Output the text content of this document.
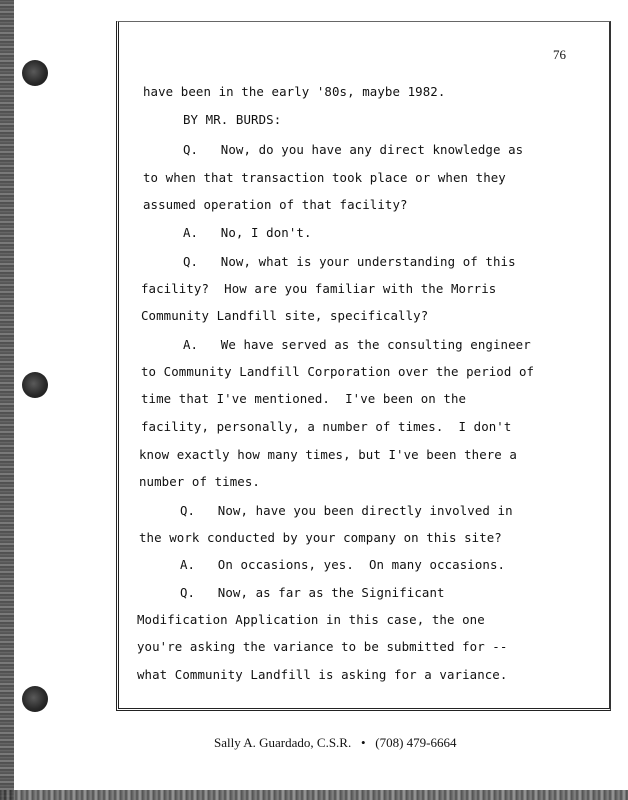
76
have been in the early '80s, maybe 1982.
BY MR. BURDS:
Q.   Now, do you have any direct knowledge as
to when that transaction took place or when they
assumed operation of that facility?
A.   No, I don't.
Q.   Now, what is your understanding of this
facility?  How are you familiar with the Morris
Community Landfill site, specifically?
A.   We have served as the consulting engineer
to Community Landfill Corporation over the period of
time that I've mentioned.  I've been on the
facility, personally, a number of times.  I don't
know exactly how many times, but I've been there a
number of times.
Q.   Now, have you been directly involved in
the work conducted by your company on this site?
A.   On occasions, yes.  On many occasions.
Q.   Now, as far as the Significant
Modification Application in this case, the one
you're asking the variance to be submitted for --
what Community Landfill is asking for a variance.
Sally A. Guardado, C.S.R.   •   (708) 479-6664
